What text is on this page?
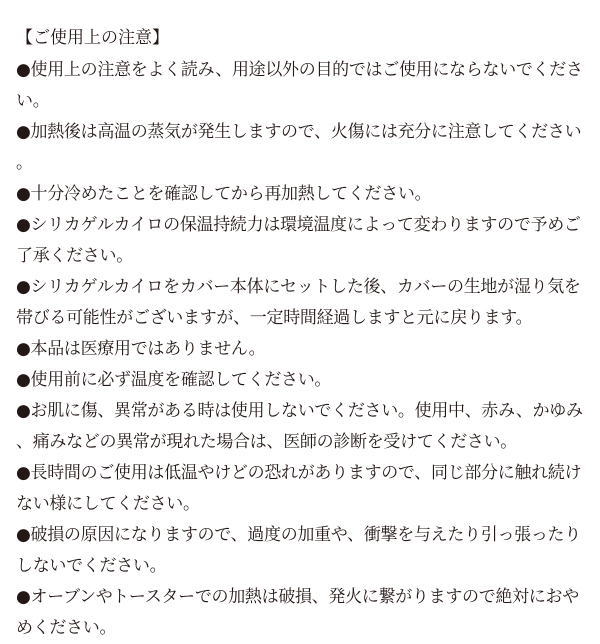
【ご使用上の注意】
●使用上の注意をよく読み、用途以外の目的ではご使用にならないでください。
●加熱後は高温の蒸気が発生しますので、火傷には充分に注意してください。
●十分冷めたことを確認してから再加熱してください。
●シリカゲルカイロの保温持続力は環境温度によって変わりますので予めご了承ください。
●シリカゲルカイロをカバー本体にセットした後、カバーの生地が湿り気を帯びる可能性がございますが、一定時間経過しますと元に戻ります。
●本品は医療用ではありません。
●使用前に必ず温度を確認してください。
●お肌に傷、異常がある時は使用しないでください。使用中、赤み、かゆみ、痛みなどの異常が現れた場合は、医師の診断を受けてください。
●長時間のご使用は低温やけどの恐れがありますので、同じ部分に触れ続けない様にしてください。
●破損の原因になりますので、過度の加重や、衝撃を与えたり引っ張ったりしないでください。
●オーブンやトースターでの加熱は破損、発火に繋がりますので絶対におやめください。
